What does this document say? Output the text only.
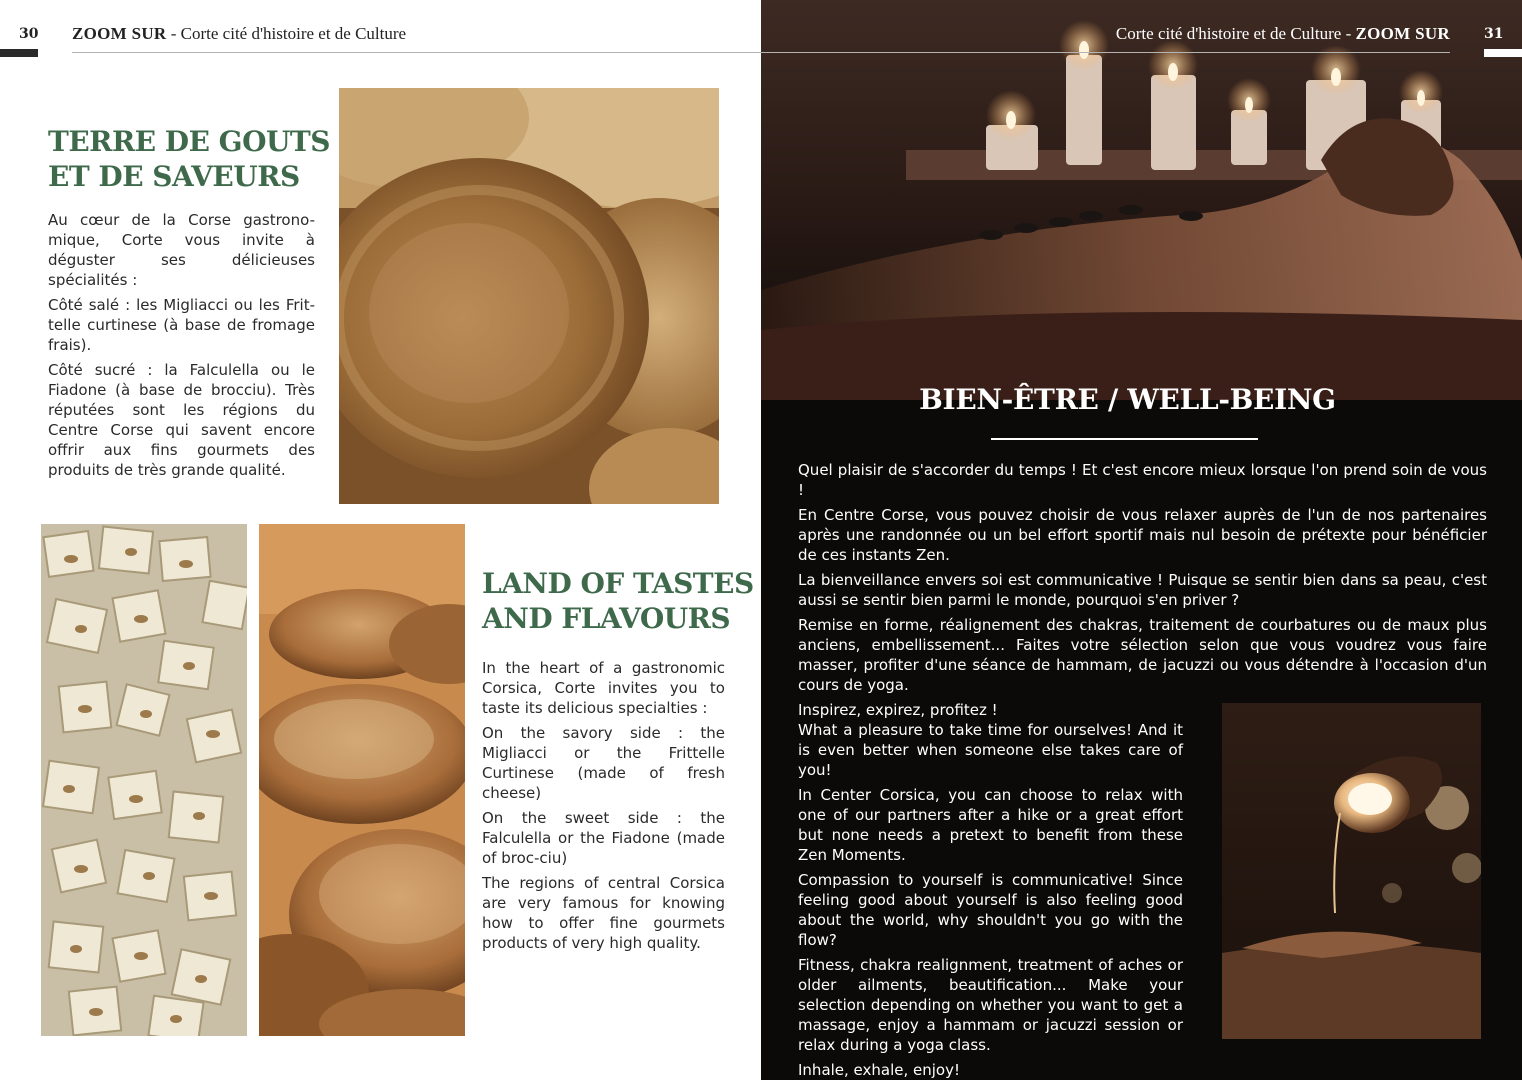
30 ZOOM SUR - Corte cité d'histoire et de Culture
TERRE DE GOUTS
ET DE SAVEURS

Au cœur de la Corse gastrono-mique, Corte vous invite à déguster ses délicieuses spécialités :

Côté salé : les Migliacci ou les Frit-telle curtinese (à base de fromage frais).

Côté sucré : la Falculella ou le Fiadone (à base de brocciu). Très réputées sont les régions du Centre Corse qui savent encore offrir aux fins gourmets des produits de très grande qualité.

LAND OF TASTES
AND FLAVOURS

In the heart of a gastronomic Corsica, Corte invites you to taste its delicious specialties :

On the savory side : the Migliacci or the Frittelle Curtinese (made of fresh cheese)

On the sweet side : the Falculella or the Fiadone (made of broc-ciu)

The regions of central Corsica are very famous for knowing how to offer fine gourmets products of very high quality.

31
Corte cité d'histoire et de Culture - ZOOM SUR
BIEN-ÊTRE / WELL-BEING

Quel plaisir de s'accorder du temps ! Et c'est encore mieux lorsque l'on prend soin de vous !

En Centre Corse, vous pouvez choisir de vous relaxer auprès de l'un de nos partenaires après une randonnée ou un bel effort sportif mais nul besoin de prétexte pour bénéficier de ces instants Zen.

La bienveillance envers soi est communicative ! Puisque se sentir bien dans sa peau, c'est aussi se sentir bien parmi le monde, pourquoi s'en priver ?

Remise en forme, réalignement des chakras, traitement de courbatures ou de maux plus anciens, embellissement... Faites votre sélection selon que vous voudrez vous faire masser, profiter d'une séance de hammam, de jacuzzi ou vous détendre à l'occasion d'un cours de yoga.

Inspirez, expirez, profitez !

What a pleasure to take time for ourselves! And it is even better when someone else takes care of you!

In Center Corsica, you can choose to relax with one of our partners after a hike or a great effort but none needs a pretext to benefit from these Zen Moments.

Compassion to yourself is communicative! Since feeling good about yourself is also feeling good about the world, why shouldn't you go with the flow?

Fitness, chakra realignment, treatment of aches or older ailments, beautification... Make your selection depending on whether you want to get a massage, enjoy a hammam or jacuzzi session or relax during a yoga class.

Inhale, exhale, enjoy!
